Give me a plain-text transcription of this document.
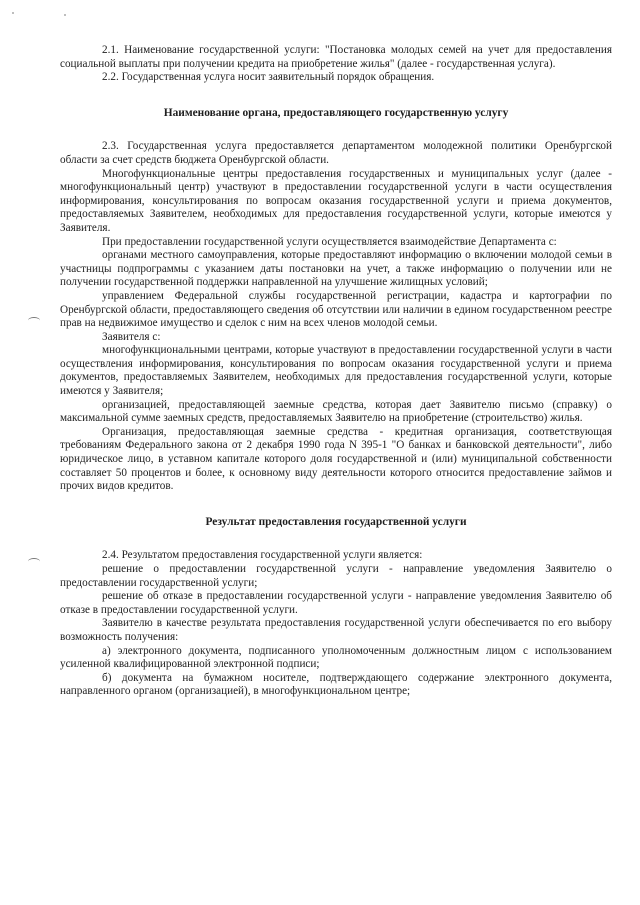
2.1. Наименование государственной услуги: "Постановка молодых семей на учет для предоставления социальной выплаты при получении кредита на приобретение жилья" (далее - государственная услуга).

2.2. Государственная услуга носит заявительный порядок обращения.

Наименование органа, предоставляющего государственную услугу

2.3. Государственная услуга предоставляется департаментом молодежной политики Оренбургской области за счет средств бюджета Оренбургской области.

Многофункциональные центры предоставления государственных и муниципальных услуг (далее - многофункциональный центр) участвуют в предоставлении государственной услуги в части осуществления информирования, консультирования по вопросам оказания государственной услуги и приема документов, предоставляемых Заявителем, необходимых для предоставления государственной услуги, которые имеются у Заявителя.

При предоставлении государственной услуги осуществляется взаимодействие Департамента с:

органами местного самоуправления, которые предоставляют информацию о включении молодой семьи в участницы подпрограммы с указанием даты постановки на учет, а также информацию о получении или не получении государственной поддержки направленной на улучшение жилищных условий;

управлением Федеральной службы государственной регистрации, кадастра и картографии по Оренбургской области, предоставляющего сведения об отсутствии или наличии в едином государственном реестре прав на недвижимое имущество и сделок с ним на всех членов молодой семьи.

Заявителя с:

многофункциональными центрами, которые участвуют в предоставлении государственной услуги в части осуществления информирования, консультирования по вопросам оказания государственной услуги и приема документов, предоставляемых Заявителем, необходимых для предоставления государственной услуги, которые имеются у Заявителя;

организацией, предоставляющей заемные средства, которая дает Заявителю письмо (справку) о максимальной сумме заемных средств, предоставляемых Заявителю на приобретение (строительство) жилья.

Организация, предоставляющая заемные средства - кредитная организация, соответствующая требованиям Федерального закона от 2 декабря 1990 года N 395-1 "О банках и банковской деятельности", либо юридическое лицо, в уставном капитале которого доля государственной и (или) муниципальной собственности составляет 50 процентов и более, к основному виду деятельности которого относится предоставление займов и прочих видов кредитов.

Результат предоставления государственной услуги

2.4. Результатом предоставления государственной услуги является:

решение о предоставлении государственной услуги - направление уведомления Заявителю о предоставлении государственной услуги;

решение об отказе в предоставлении государственной услуги - направление уведомления Заявителю об отказе в предоставлении государственной услуги.

Заявителю в качестве результата предоставления государственной услуги обеспечивается по его выбору возможность получения:

а) электронного документа, подписанного уполномоченным должностным лицом с использованием усиленной квалифицированной электронной подписи;

б) документа на бумажном носителе, подтверждающего содержание электронного документа, направленного органом (организацией), в многофункциональном центре;
